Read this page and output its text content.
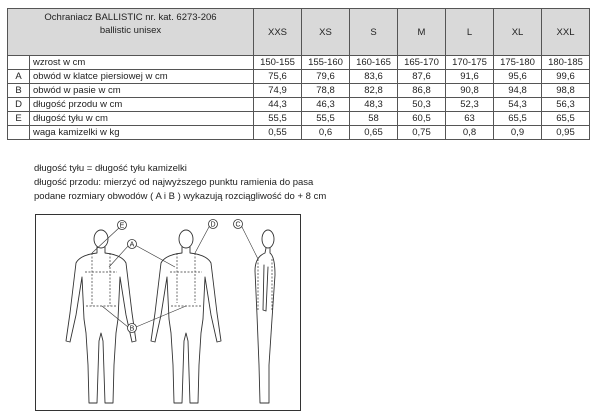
Ochraniacz BALLISTIC nr. kat. 6273-206
ballistic unisex		XXS	XS	S	M	L	XL	XXL
	wzrost w cm	150-155	155-160	160-165	165-170	170-175	175-180	180-185
A	obwód w klatce piersiowej w cm	75,6	79,6	83,6	87,6	91,6	95,6	99,6
B	obwód w pasie w cm	74,9	78,8	82,8	86,8	90,8	94,8	98,8
D	długość przodu w cm	44,3	46,3	48,3	50,3	52,3	54,3	56,3
E	długość tyłu w cm	55,5	55,5	58	60,5	63	65,5	65,5
	waga kamizelki w kg	0,55	0,6	0,65	0,75	0,8	0,9	0,95
długość tyłu = długość tyłu kamizelki
długość przodu: mierzyć od najwyższego punktu ramienia do pasa
podane rozmiary obwodów ( A i B ) wykazują rozciągliwość do + 8 cm
A
B
C
D
E
